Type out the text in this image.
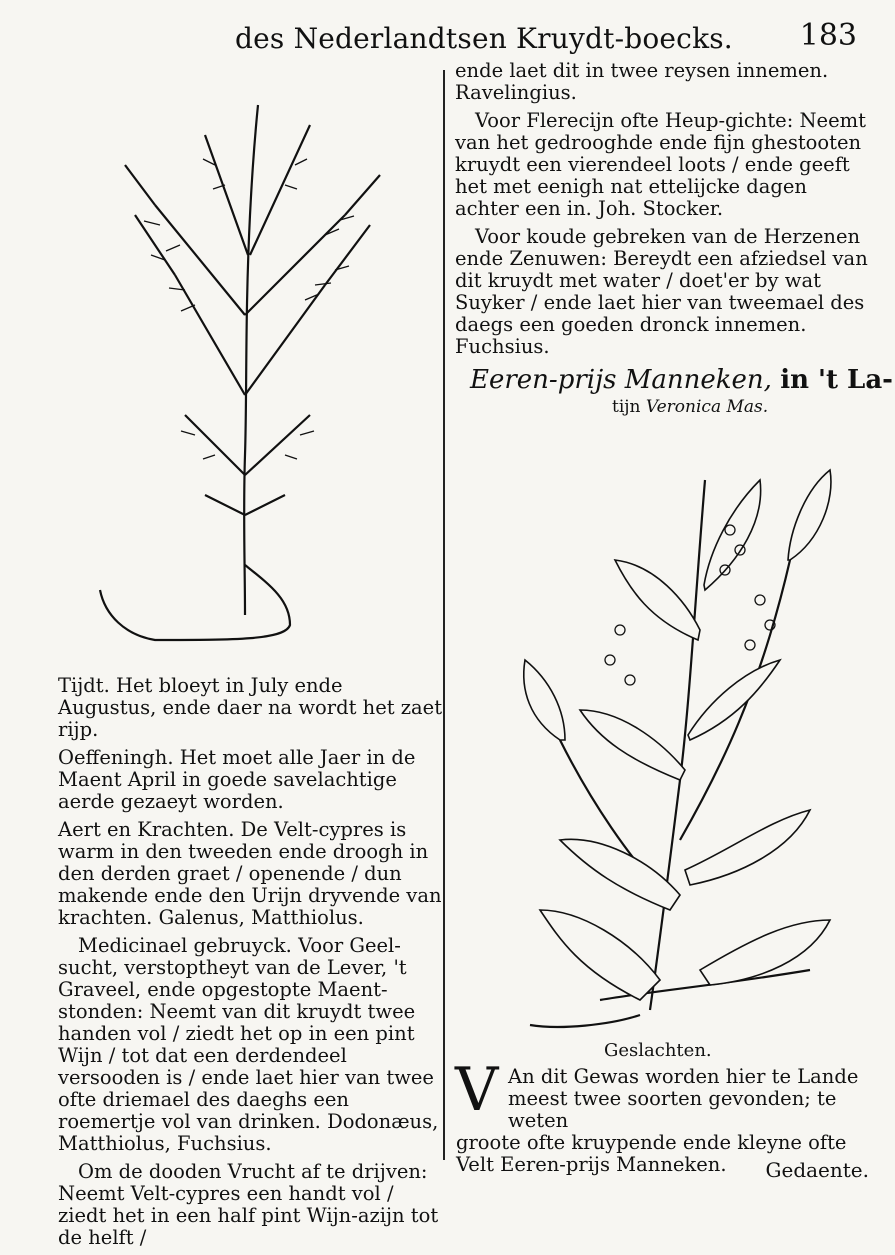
des Nederlandtsen Kruydt-boecks. 183

Tijdt. Het bloeyt in July ende Augustus, ende daer na wordt het zaet rijp.

Oeffeningh. Het moet alle Jaer in de Maent April in goede savelachtige aerde gezaeyt worden.

Aert en Krachten. De Velt-cypres is warm in den tweeden ende droogh in den derden graet / openende / dun makende ende den Urijn dryvende van krachten. Galenus, Matthiolus.

Medicinael gebruyck. Voor Geel-sucht, verstoptheyt van de Lever, 't Graveel, ende opgestopte Maent-stonden: Neemt van dit kruydt twee handen vol / ziedt het op in een pint Wijn / tot dat een derdendeel versooden is / ende laet hier van twee ofte driemael des daeghs een roemertje vol van drinken. Dodonæus, Matthiolus, Fuchsius.

Om de dooden Vrucht af te drijven: Neemt Velt-cypres een handt vol / ziedt het in een half pint Wijn-azijn tot de helft /

ende laet dit in twee reysen innemen. Ravelingius.

Voor Flerecijn ofte Heup-gichte: Neemt van het gedrooghde ende fijn ghestooten kruydt een vierendeel loots / ende geeft het met eenigh nat ettelijcke dagen achter een in. Joh. Stocker.

Voor koude gebreken van de Herzenen ende Zenuwen: Bereydt een afziedsel van dit kruydt met water / doet'er by wat Suyker / ende laet hier van tweemael des daegs een goeden dronck innemen. Fuchsius.

Eeren-prijs Manneken, in 't La-
tijn Veronica Mas.
Geslachten.
V An dit Gewas worden hier te Lande

meest twee soorten gevonden; te weten

groote ofte kruypende ende kleyne ofte Velt Eeren-prijs Manneken.	Gedaente.
